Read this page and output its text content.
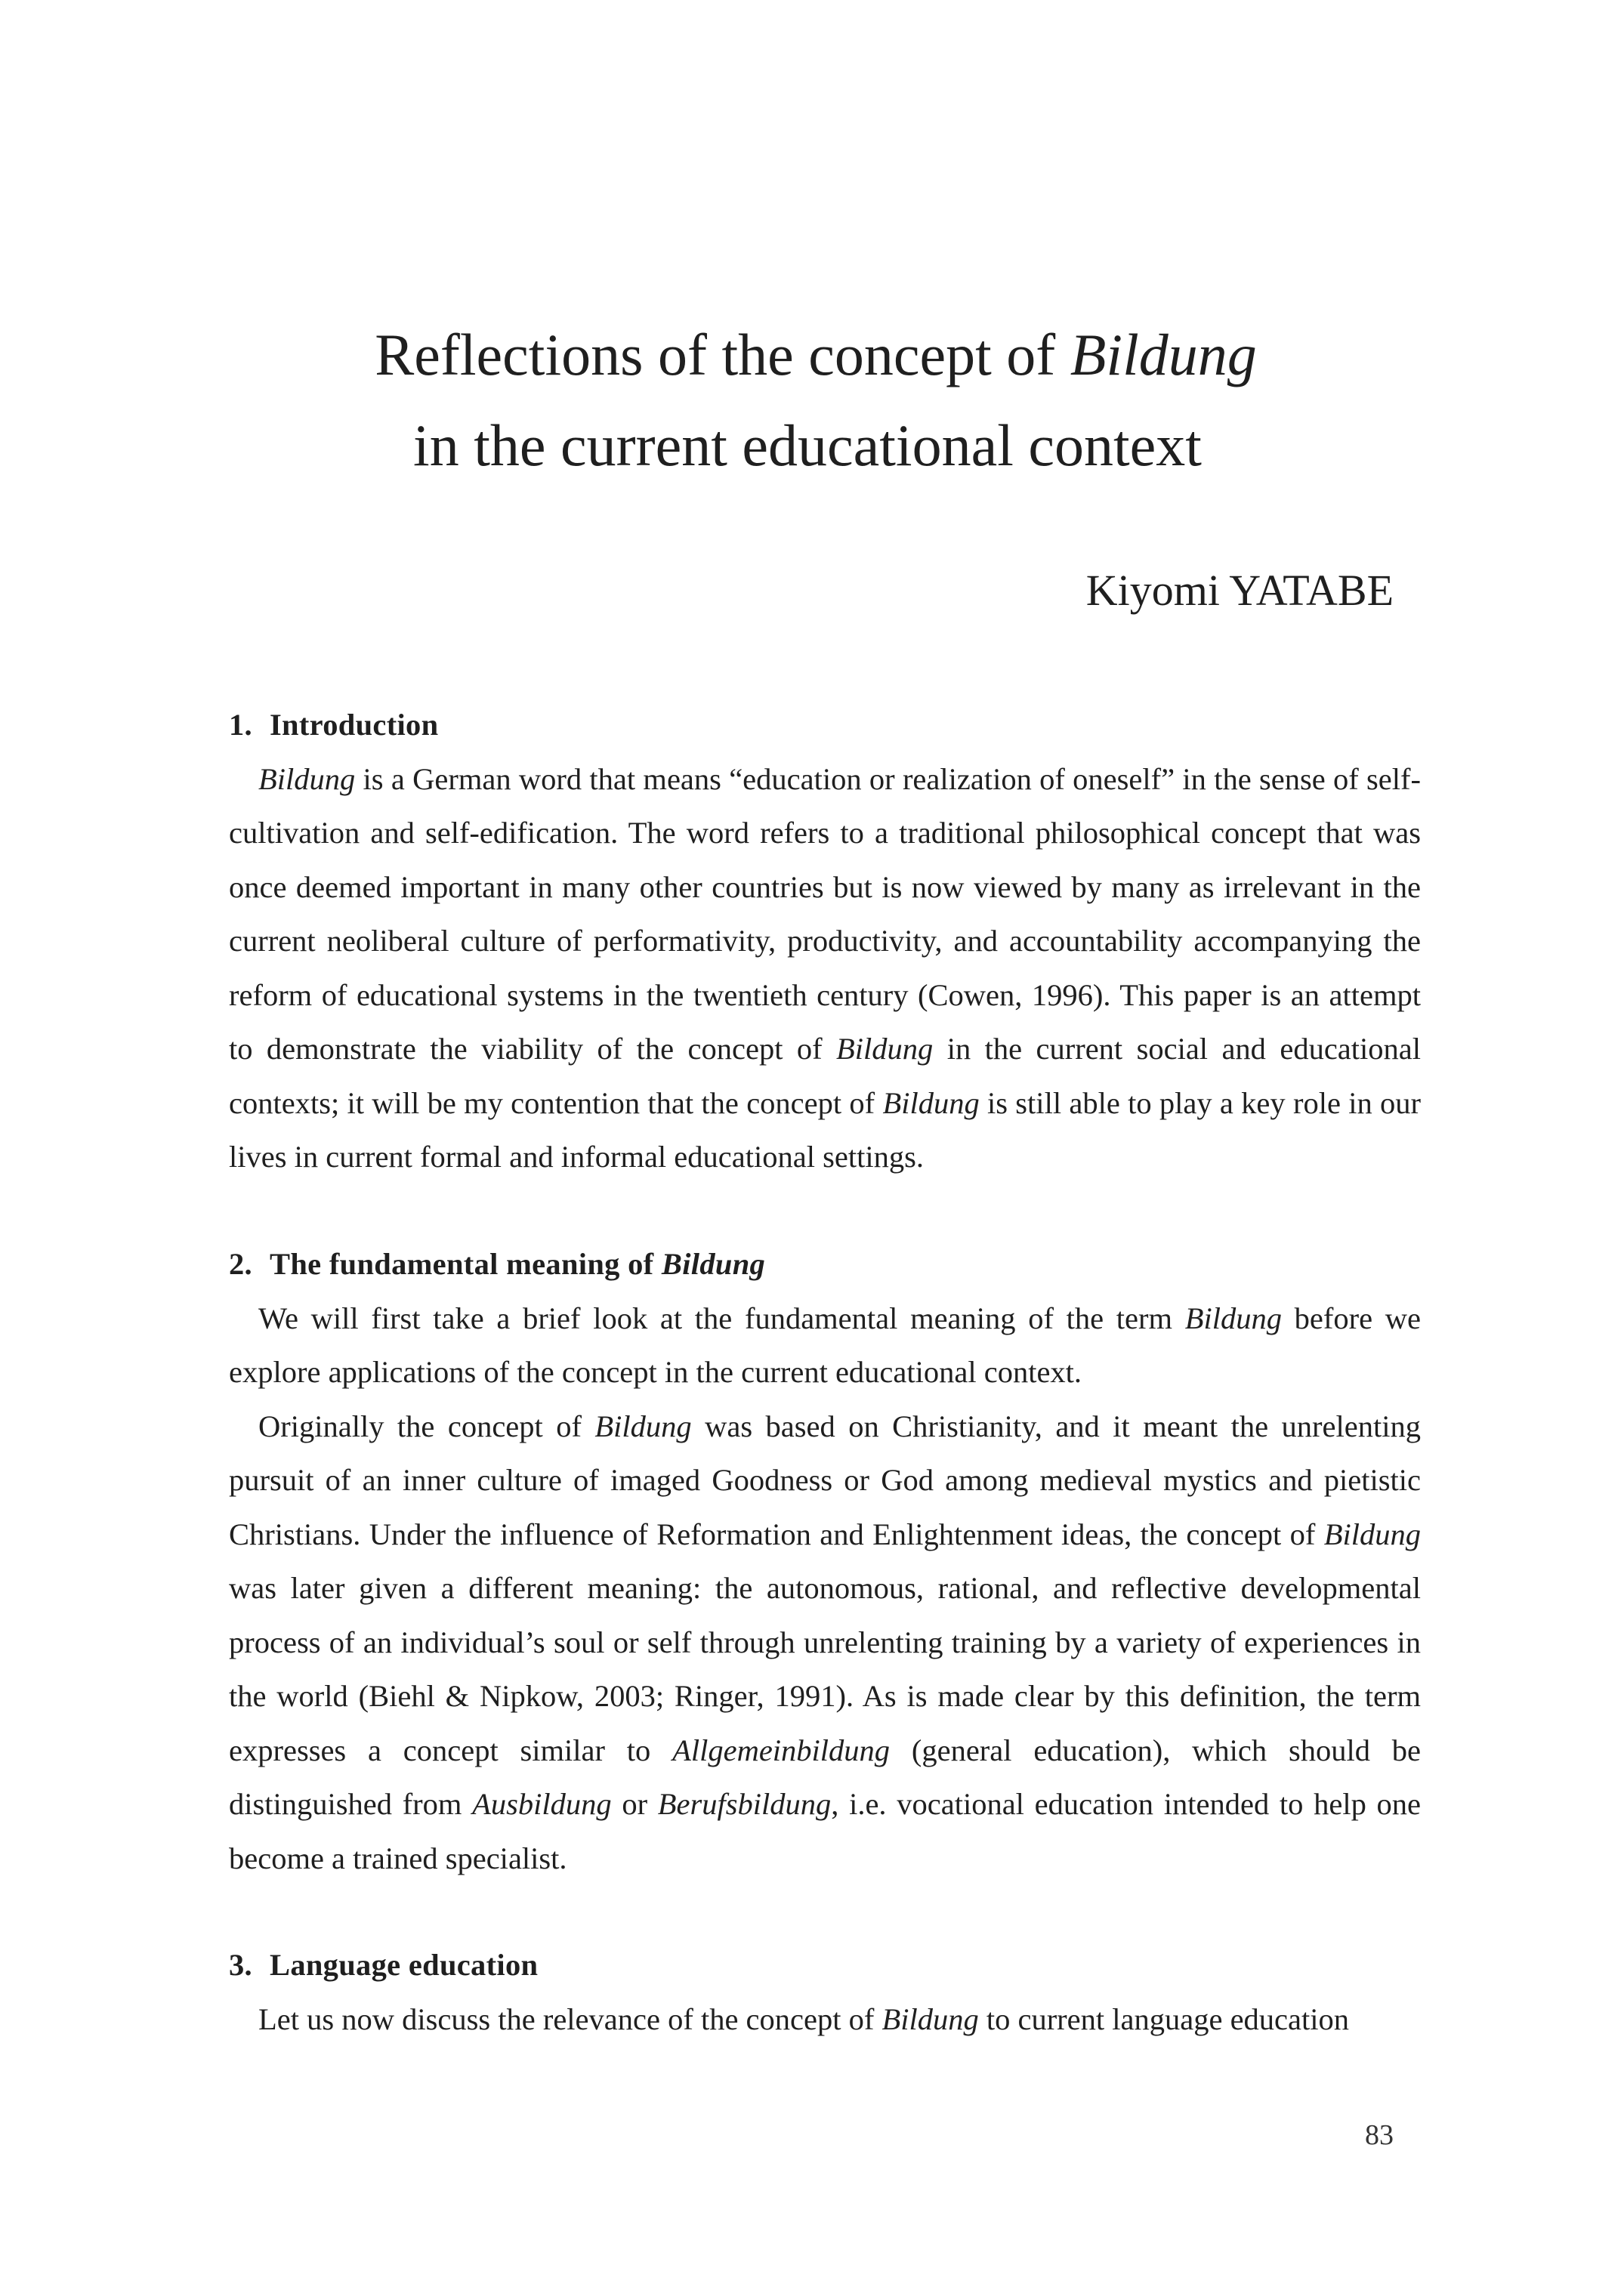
Reflections of the concept of Bildung
in the current educational context
Kiyomi YATABE
1. Introduction

Bildung is a German word that means “education or realization of oneself” in the sense of self-cultivation and self-edification. The word refers to a traditional philosophical concept that was once deemed important in many other countries but is now viewed by many as irrelevant in the current neoliberal culture of performativity, productivity, and accountability accompanying the reform of educational systems in the twentieth century (Cowen, 1996). This paper is an attempt to demonstrate the viability of the concept of Bildung in the current social and educational contexts; it will be my contention that the concept of Bildung is still able to play a key role in our lives in current formal and informal educational settings.

2. The fundamental meaning of Bildung

We will first take a brief look at the fundamental meaning of the term Bildung before we explore applications of the concept in the current educational context.

Originally the concept of Bildung was based on Christianity, and it meant the unrelenting pursuit of an inner culture of imaged Goodness or God among medieval mystics and pietistic Christians. Under the influence of Reformation and Enlightenment ideas, the concept of Bildung was later given a different meaning: the autonomous, rational, and reflective developmental process of an individual’s soul or self through unrelenting training by a variety of experiences in the world (Biehl & Nipkow, 2003; Ringer, 1991). As is made clear by this definition, the term expresses a concept similar to Allgemeinbildung (general education), which should be distinguished from Ausbildung or Berufsbildung, i.e. vocational education intended to help one become a trained specialist.

3. Language education

Let us now discuss the relevance of the concept of Bildung to current language education

83
